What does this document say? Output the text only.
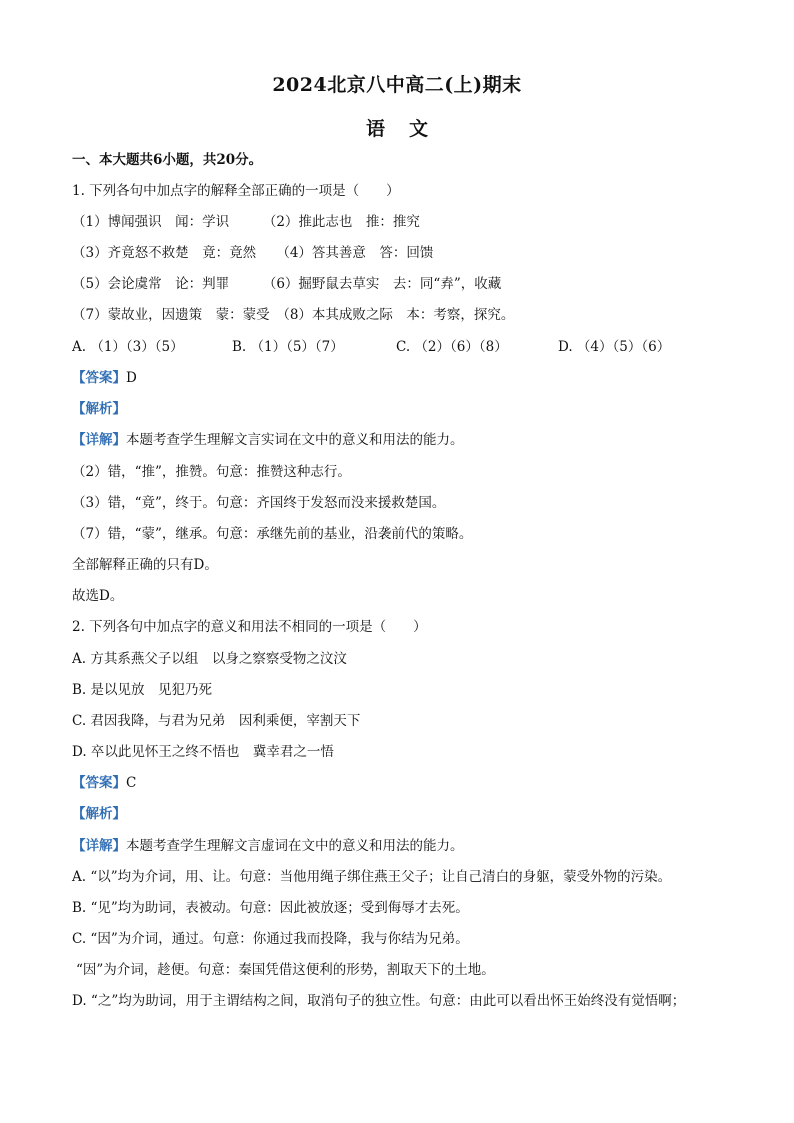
2024北京八中高二(上)期末
语文
一、本大题共6小题，共20分。
1. 下列各句中加点字的解释全部正确的一项是（　　）
（1）博闻强识　闻：学识　　　（2）推此志也　推：推究
（3）齐竟怒不救楚　竟：竟然　　（4）答其善意　答：回馈
（5）会论虞常　论：判罪　　　（6）掘野鼠去草实　去：同“弆”，收藏
（7）蒙故业，因遗策　蒙：蒙受　（8）本其成败之际　本：考察，探究。
A. （1）（3）（5）	B. （1）（5）（7）	C. （2）（6）（8）	D. （4）（5）（6）
【答案】D
【解析】
【详解】本题考查学生理解文言实词在文中的意义和用法的能力。
（2）错，“推”，推赞。句意：推赞这种志行。
（3）错，“竟”，终于。句意：齐国终于发怒而没来援救楚国。
（7）错，“蒙”，继承。句意：承继先前的基业，沿袭前代的策略。
全部解释正确的只有D。
故选D。
2. 下列各句中加点字的意义和用法不相同的一项是（　　）
A. 方其系燕父子以组　以身之察察受物之汶汶
B. 是以见放　见犯乃死
C. 君因我降，与君为兄弟　因利乘便，宰割天下
D. 卒以此见怀王之终不悟也　冀幸君之一悟
【答案】C
【解析】
【详解】本题考查学生理解文言虚词在文中的意义和用法的能力。
A. “以”均为介词，用、让。句意：当他用绳子绑住燕王父子；让自己清白的身躯，蒙受外物的污染。
B. “见”均为助词，表被动。句意：因此被放逐；受到侮辱才去死。
C. “因”为介词，通过。句意：你通过我而投降，我与你结为兄弟。
“因”为介词，趁便。句意：秦国凭借这便利的形势，割取天下的土地。
D. “之”均为助词，用于主谓结构之间，取消句子的独立性。句意：由此可以看出怀王始终没有觉悟啊；
